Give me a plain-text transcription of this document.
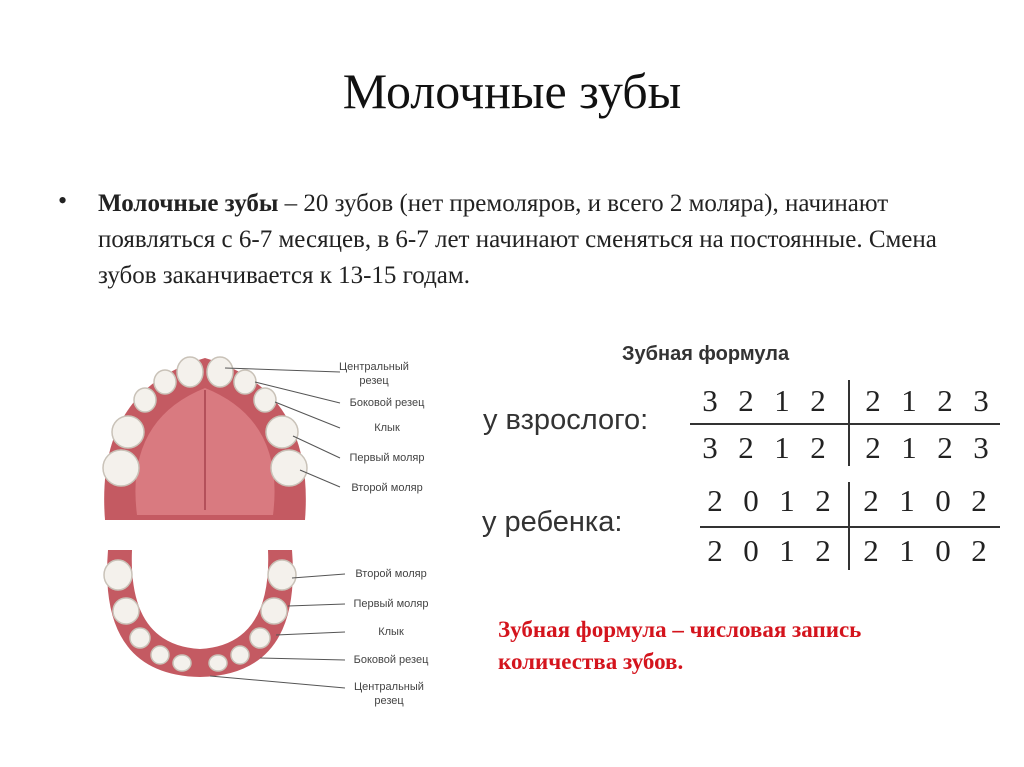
Молочные зубы
• Молочные зубы – 20 зубов (нет премоляров, и всего 2 моляра), начинают появляться с 6-7 месяцев, в 6-7 лет начинают сменяться на постоянные. Смена зубов заканчивается к 13-15 годам.
Центральный резец
Боковой резец
Клык
Первый моляр
Второй моляр
Второй моляр
Первый моляр
Клык
Боковой резец
Центральный резец
Зубная формула
у взрослого:
у ребенка:
3 2 1 2 2 1 2 3
3 2 1 2 2 1 2 3
2 0 1 2 2 1 0 2
2 0 1 2 2 1 0 2
Зубная формула – числовая запись количества зубов.
